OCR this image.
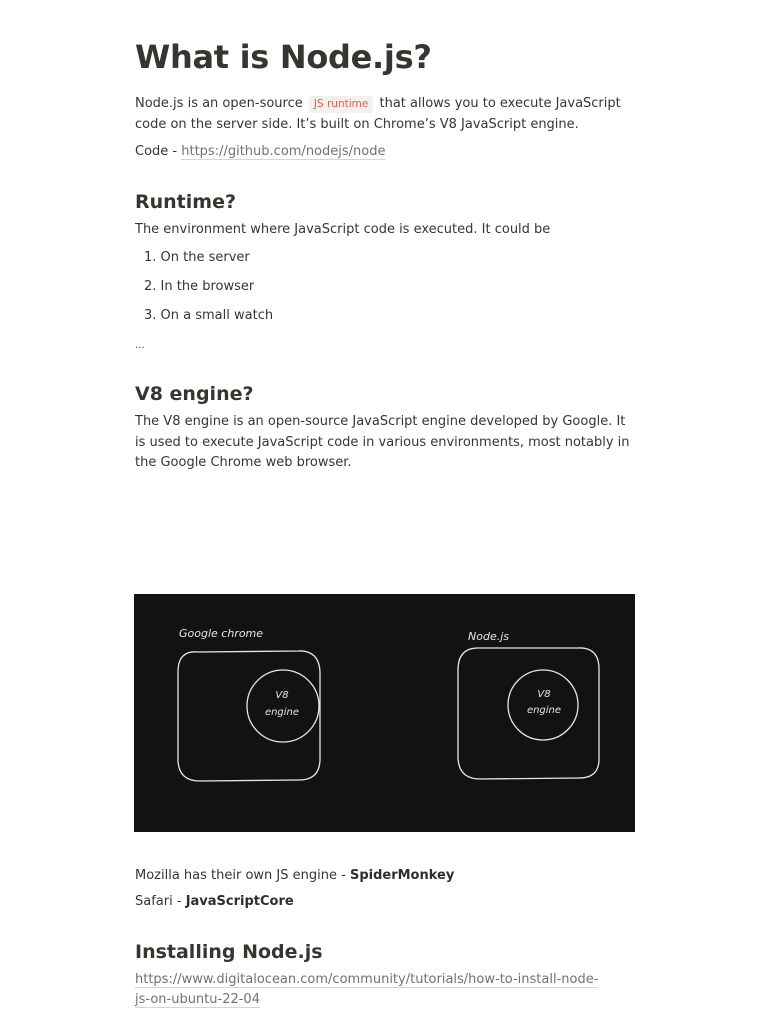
What is Node.js?

Node.js is an open-source JS runtime that allows you to execute JavaScript

code on the server side. It’s built on Chrome’s V8 JavaScript engine.

Code - https://github.com/nodejs/node

Runtime?

The environment where JavaScript code is executed. It could be

1. On the server
2. In the browser
3. On a small watch

...

V8 engine?

The V8 engine is an open-source JavaScript engine developed by Google. It

is used to execute JavaScript code in various environments, most notably in

the Google Chrome web browser.

Mozilla has their own JS engine - SpiderMonkey

Safari - JavaScriptCore

Installing Node.js

https://www.digitalocean.com/community/tutorials/how-to-install-node-

js-on-ubuntu-22-04

Google chrome	Node.js
V8
engine
V8
engine
